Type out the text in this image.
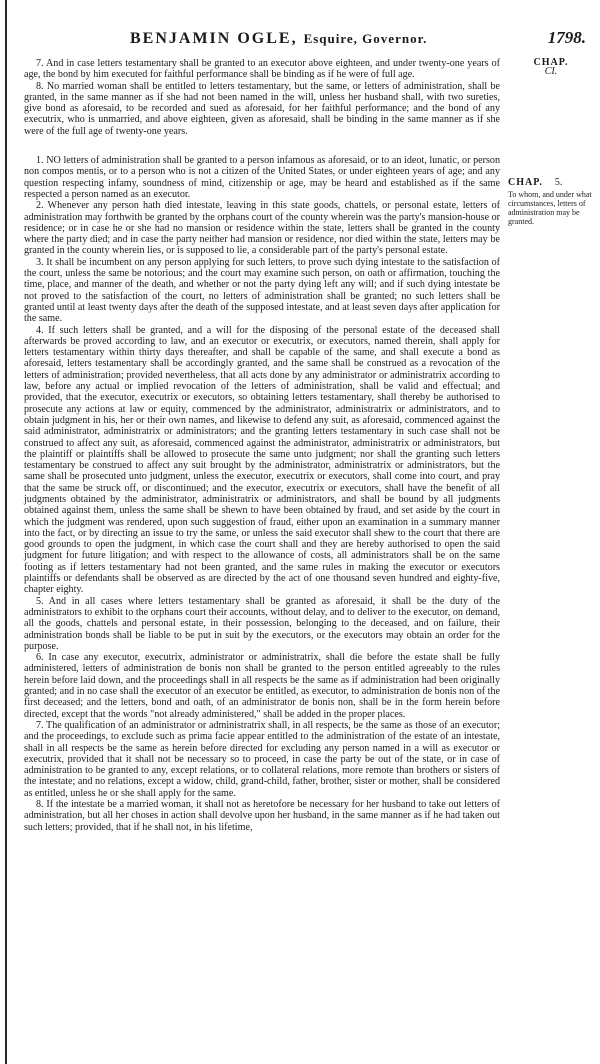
BENJAMIN OGLE, Esquire, Governor.	1798.

7. And in case letters testamentary shall be granted to an executor above eighteen, and under twenty-one years of age, the bond by him executed for faithful performance shall be binding as if he were of full age.

8. No married woman shall be entitled to letters testamentary, but the same, or letters of administration, shall be granted, in the same manner as if she had not been named in the will, unless her husband shall, with two sureties, give bond as aforesaid, to be recorded and sued as aforesaid, for her faithful performance; and the bond of any executrix, who is unmarried, and above eighteen, given as aforesaid, shall be binding in the same manner as if she were of the full age of twenty-one years.

1. NO letters of administration shall be granted to a person infamous as aforesaid, or to an ideot, lunatic, or person non compos mentis, or to a person who is not a citizen of the United States, or under eighteen years of age; and any question respecting infamy, soundness of mind, citizenship or age, may be heard and established as if the same respected a person named as an executor.

2. Whenever any person hath died intestate, leaving in this state goods, chattels, or personal estate, letters of administration may forthwith be granted by the orphans court of the county wherein was the party's mansion-house or residence; or in case he or she had no mansion or residence within the state, letters shall be granted in the county where the party died; and in case the party neither had mansion or residence, nor died within the state, letters may be granted in the county wherein lies, or is supposed to lie, a considerable part of the party's personal estate.

3. It shall be incumbent on any person applying for such letters, to prove such dying intestate to the satisfaction of the court, unless the same be notorious; and the court may examine such person, on oath or affirmation, touching the time, place, and manner of the death, and whether or not the party dying left any will; and if such dying intestate be not proved to the satisfaction of the court, no letters of administration shall be granted; no such letters shall be granted until at least twenty days after the death of the supposed intestate, and at least seven days after application for the same.

4. If such letters shall be granted, and a will for the disposing of the personal estate of the deceased shall afterwards be proved according to law, and an executor or executrix, or executors, named therein, shall apply for letters testamentary within thirty days thereafter, and shall be capable of the same, and shall execute a bond as aforesaid, letters testamentary shall be accordingly granted, and the same shall be construed as a revocation of the letters of administration; provided nevertheless, that all acts done by any administrator or administratrix according to law, before any actual or implied revocation of the letters of administration, shall be valid and effectual; and provided, that the executor, executrix or executors, so obtaining letters testamentary, shall thereby be authorised to prosecute any actions at law or equity, commenced by the administrator, administratrix or administrators, and to obtain judgment in his, her or their own names, and likewise to defend any suit, as aforesaid, commenced against the said administrator, administratrix or administrators; and the granting letters testamentary in such case shall not be construed to affect any suit, as aforesaid, commenced against the administrator, administratrix or administrators, but the plaintiff or plaintiffs shall be allowed to prosecute the same unto judgment; nor shall the granting such letters testamentary be construed to affect any suit brought by the administrator, administratrix or administrators, but the same shall be prosecuted unto judgment, unless the executor, executrix or executors, shall come into court, and pray that the same be struck off, or discontinued; and the executor, executrix or executors, shall have the benefit of all judgments obtained by the administrator, administratrix or administrators, and shall be bound by all judgments obtained against them, unless the same shall be shewn to have been obtained by fraud, and set aside by the court in which the judgment was rendered, upon such suggestion of fraud, either upon an examination in a summary manner into the fact, or by directing an issue to try the same, or unless the said executor shall shew to the court that there are good grounds to open the judgment, in which case the court shall and they are hereby authorised to open the said judgment for future litigation; and with respect to the allowance of costs, all administrators shall be on the same footing as if letters testamentary had not been granted, and the same rules in making the executor or executors plaintiffs or defendants shall be observed as are directed by the act of one thousand seven hundred and eighty-five, chapter eighty.

5. And in all cases where letters testamentary shall be granted as aforesaid, it shall be the duty of the administrators to exhibit to the orphans court their accounts, without delay, and to deliver to the executor, on demand, all the goods, chattels and personal estate, in their possession, belonging to the deceased, and on failure, their administration bonds shall be liable to be put in suit by the executors, or the executors may obtain an order for the purpose.

6. In case any executor, executrix, administrator or administratrix, shall die before the estate shall be fully administered, letters of administration de bonis non shall be granted to the person entitled agreeably to the rules herein before laid down, and the proceedings shall in all respects be the same as if administration had been originally granted; and in no case shall the executor of an executor be entitled, as executor, to administration de bonis non of the first deceased; and the letters, bond and oath, of an administrator de bonis non, shall be in the form herein before directed, except that the words "not already administered," shall be added in the proper places.

7. The qualification of an administrator or administratrix shall, in all respects, be the same as those of an executor; and the proceedings, to exclude such as prima facie appear entitled to the administration of the estate of an intestate, shall in all respects be the same as herein before directed for excluding any person named in a will as executor or executrix, provided that it shall not be necessary so to proceed, in case the party be out of the state, or in case of administration to be granted to any, except relations, or to collateral relations, more remote than brothers or sisters of the intestate; and no relations, except a widow, child, grand-child, father, brother, sister or mother, shall be considered as entitled, unless he or she shall apply for the same.

8. If the intestate be a married woman, it shall not as heretofore be necessary for her husband to take out letters of administration, but all her choses in action shall devolve upon her husband, in the same manner as if he had taken out such letters; provided, that if he shall not, in his lifetime,

CHAP.
CI.
CHAP. 5.
To whom, and under what circumstances, letters of administration may be granted.
